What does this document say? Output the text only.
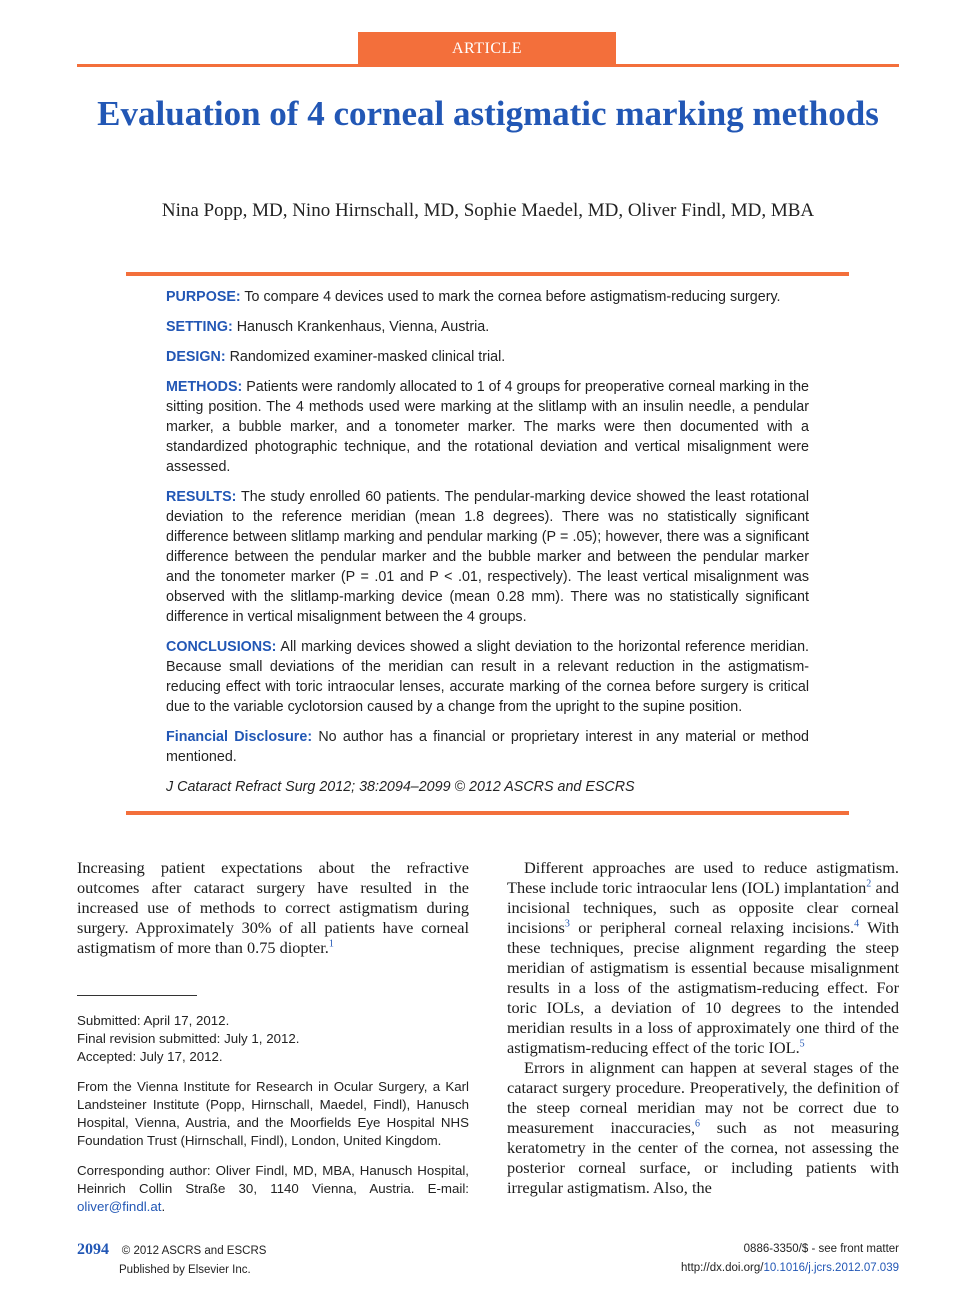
ARTICLE
Evaluation of 4 corneal astigmatic marking methods
Nina Popp, MD, Nino Hirnschall, MD, Sophie Maedel, MD, Oliver Findl, MD, MBA

PURPOSE: To compare 4 devices used to mark the cornea before astigmatism-reducing surgery.

SETTING: Hanusch Krankenhaus, Vienna, Austria.

DESIGN: Randomized examiner-masked clinical trial.

METHODS: Patients were randomly allocated to 1 of 4 groups for preoperative corneal marking in the sitting position. The 4 methods used were marking at the slitlamp with an insulin needle, a pendular marker, a bubble marker, and a tonometer marker. The marks were then documented with a standardized photographic technique, and the rotational deviation and vertical misalignment were assessed.

RESULTS: The study enrolled 60 patients. The pendular-marking device showed the least rotational deviation to the reference meridian (mean 1.8 degrees). There was no statistically significant difference between slitlamp marking and pendular marking (P = .05); however, there was a significant difference between the pendular marker and the bubble marker and between the pendular marker and the tonometer marker (P = .01 and P < .01, respectively). The least vertical misalignment was observed with the slitlamp-marking device (mean 0.28 mm). There was no statistically significant difference in vertical misalignment between the 4 groups.

CONCLUSIONS: All marking devices showed a slight deviation to the horizontal reference meridian. Because small deviations of the meridian can result in a relevant reduction in the astigmatism-reducing effect with toric intraocular lenses, accurate marking of the cornea before surgery is critical due to the variable cyclotorsion caused by a change from the upright to the supine position.

Financial Disclosure: No author has a financial or proprietary interest in any material or method mentioned.

J Cataract Refract Surg 2012; 38:2094–2099 © 2012 ASCRS and ESCRS

Increasing patient expectations about the refractive outcomes after cataract surgery have resulted in the increased use of methods to correct astigmatism during surgery. Approximately 30% of all patients have corneal astigmatism of more than 0.75 diopter.$^1$

Submitted: April 17, 2012.

Final revision submitted: July 1, 2012.

Accepted: July 17, 2012.

From the Vienna Institute for Research in Ocular Surgery, a Karl Landsteiner Institute (Popp, Hirnschall, Maedel, Findl), Hanusch Hospital, Vienna, Austria, and the Moorfields Eye Hospital NHS Foundation Trust (Hirnschall, Findl), London, United Kingdom.

Corresponding author: Oliver Findl, MD, MBA, Hanusch Hospital, Heinrich Collin Straße 30, 1140 Vienna, Austria. E-mail: oliver@findl.at.

Different approaches are used to reduce astigmatism. These include toric intraocular lens (IOL) implantation$^2$ and incisional techniques, such as opposite clear corneal incisions$^3$ or peripheral corneal relaxing incisions.$^4$ With these techniques, precise alignment regarding the steep meridian of astigmatism is essential because misalignment results in a loss of the astigmatism-reducing effect. For toric IOLs, a deviation of 10 degrees to the intended meridian results in a loss of approximately one third of the astigmatism-reducing effect of the toric IOL.$^5$

Errors in alignment can happen at several stages of the cataract surgery procedure. Preoperatively, the definition of the steep corneal meridian may not be correct due to measurement inaccuracies,$^6$ such as not measuring keratometry in the center of the cornea, not assessing the posterior corneal surface, or including patients with irregular astigmatism. Also, the

2094 © 2012 ASCRS and ESCRS
Published by Elsevier Inc.
0886-3350/$ - see front matter
http://dx.doi.org/10.1016/j.jcrs.2012.07.039
